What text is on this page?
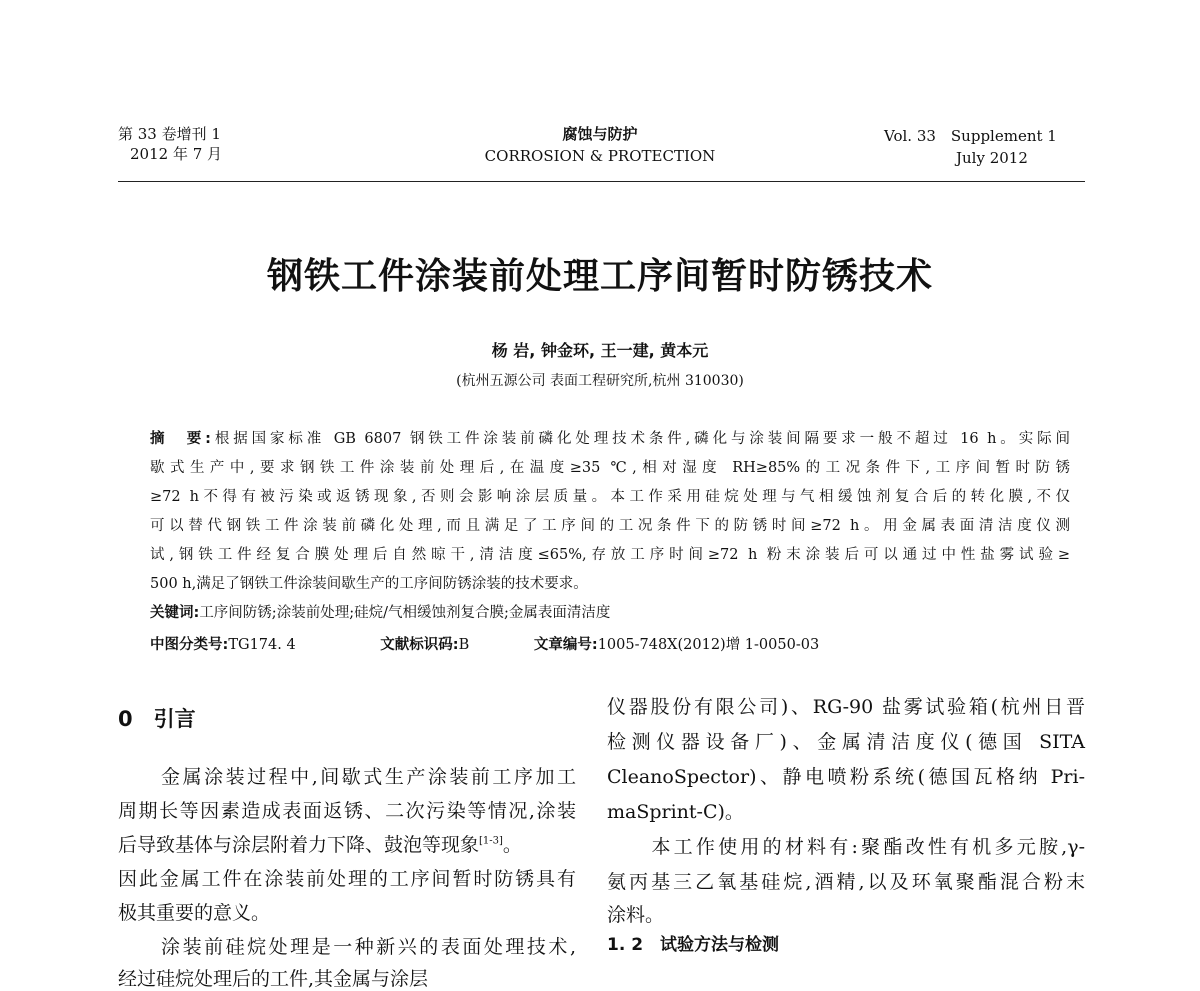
第 33 卷增刊 1
2012 年 7 月
腐蚀与防护
CORROSION & PROTECTION
Vol. 33　Supplement 1
July 2012
钢铁工件涂装前处理工序间暂时防锈技术
杨 岩, 钟金环, 王一建, 黄本元
(杭州五源公司 表面工程研究所,杭州 310030)
摘　要:根据国家标准 GB 6807 钢铁工件涂装前磷化处理技术条件,磷化与涂装间隔要求一般不超过 16 h。实际间
歇式生产中,要求钢铁工件涂装前处理后,在温度≥35 ℃,相对湿度 RH≥85%的工况条件下,工序间暂时防锈
≥72 h不得有被污染或返锈现象,否则会影响涂层质量。本工作采用硅烷处理与气相缓蚀剂复合后的转化膜,不仅
可以替代钢铁工件涂装前磷化处理,而且满足了工序间的工况条件下的防锈时间≥72 h。用金属表面清洁度仪测
试,钢铁工件经复合膜处理后自然晾干,清洁度≤65%,存放工序时间≥72 h 粉末涂装后可以通过中性盐雾试验≥
500 h,满足了钢铁工件涂装间歇生产的工序间防锈涂装的技术要求。
关键词:工序间防锈;涂装前处理;硅烷/气相缓蚀剂复合膜;金属表面清洁度
中图分类号:TG174. 4	文献标识码:B	文章编号:1005-748X(2012)增 1-0050-03
0　引言
　　金属涂装过程中,间歇式生产涂装前工序加工
周期长等因素造成表面返锈、二次污染等情况,涂装
后导致基体与涂层附着力下降、鼓泡等现象[1-3]。
因此金属工件在涂装前处理的工序间暂时防锈具有
极其重要的意义。
　　涂装前硅烷处理是一种新兴的表面处理技术,
经过硅烷处理后的工件,其金属与涂层
仪器股份有限公司)、RG-90 盐雾试验箱(杭州日晋
检测仪器设备厂)、金属清洁度仪(德国 SITA
CleanoSpector)、静电喷粉系统(德国瓦格纳 Pri-
maSprint-C)。
　　本工作使用的材料有:聚酯改性有机多元胺,γ-
氨丙基三乙氧基硅烷,酒精,以及环氧聚酯混合粉末
涂料。
1. 2　试验方法与检测
